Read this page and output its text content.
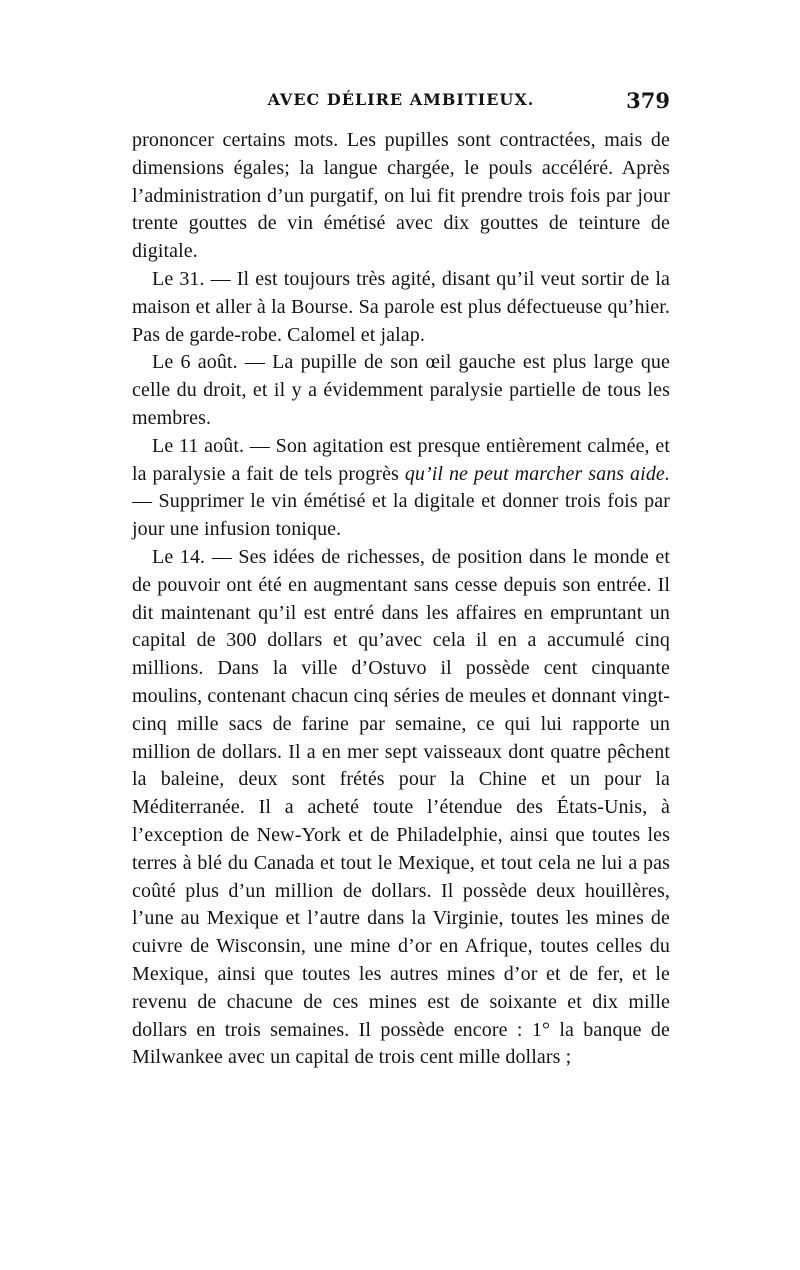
AVEC DÉLIRE AMBITIEUX.	379

prononcer certains mots. Les pupilles sont contractées, mais de dimensions égales; la langue chargée, le pouls accéléré. Après l’administration d’un purgatif, on lui fit prendre trois fois par jour trente gouttes de vin émétisé avec dix gouttes de teinture de digitale.

Le 31. — Il est toujours très agité, disant qu’il veut sortir de la maison et aller à la Bourse. Sa parole est plus défectueuse qu’hier. Pas de garde-robe. Calomel et jalap.

Le 6 août. — La pupille de son œil gauche est plus large que celle du droit, et il y a évidemment paralysie partielle de tous les membres.

Le 11 août. — Son agitation est presque entièrement calmée, et la paralysie a fait de tels progrès qu’il ne peut marcher sans aide. — Supprimer le vin émétisé et la digitale et donner trois fois par jour une infusion tonique.

Le 14. — Ses idées de richesses, de position dans le monde et de pouvoir ont été en augmentant sans cesse depuis son entrée. Il dit maintenant qu’il est entré dans les affaires en empruntant un capital de 300 dollars et qu’avec cela il en a accumulé cinq millions. Dans la ville d’Ostuvo il possède cent cinquante moulins, contenant chacun cinq séries de meules et donnant vingt-cinq mille sacs de farine par semaine, ce qui lui rapporte un million de dollars. Il a en mer sept vaisseaux dont quatre pêchent la baleine, deux sont frétés pour la Chine et un pour la Méditerranée. Il a acheté toute l’étendue des États-Unis, à l’exception de New-York et de Philadelphie, ainsi que toutes les terres à blé du Canada et tout le Mexique, et tout cela ne lui a pas coûté plus d’un million de dollars. Il possède deux houillères, l’une au Mexique et l’autre dans la Virginie, toutes les mines de cuivre de Wisconsin, une mine d’or en Afrique, toutes celles du Mexique, ainsi que toutes les autres mines d’or et de fer, et le revenu de chacune de ces mines est de soixante et dix mille dollars en trois semaines. Il possède encore : 1° la banque de Milwankee avec un capital de trois cent mille dollars ;
